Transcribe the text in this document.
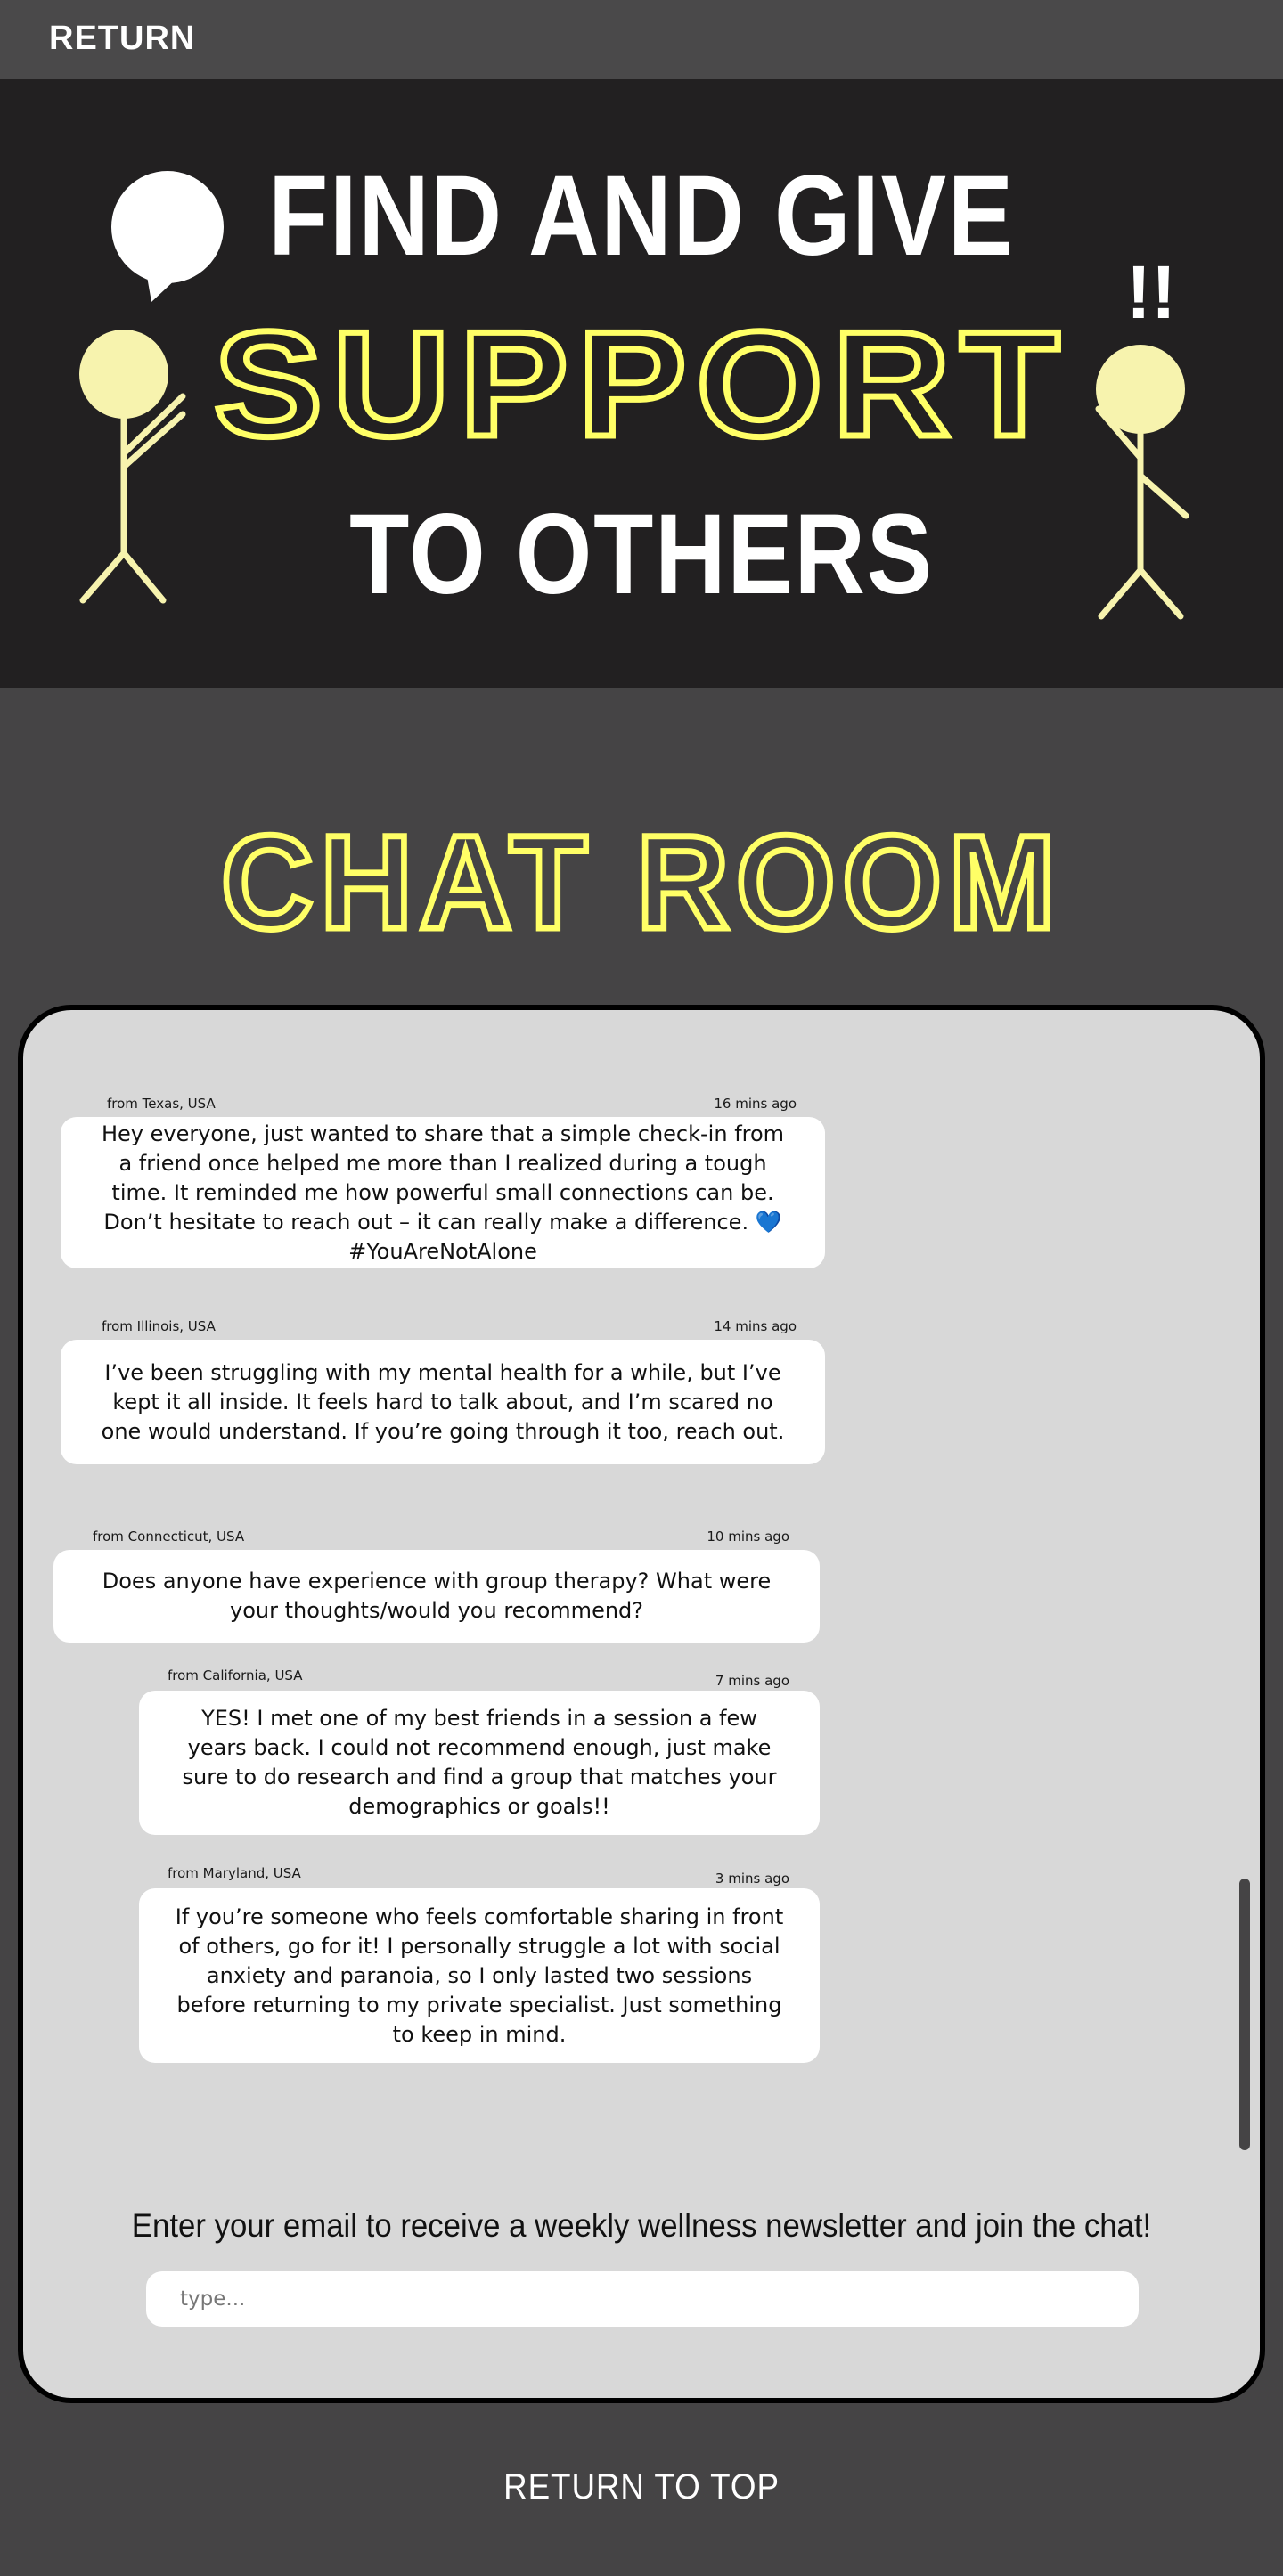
RETURN
!!
FIND AND GIVE
SUPPORT
TO OTHERS
CHAT ROOM
from Texas, USA	16 mins ago
Hey everyone, just wanted to share that a simple check-in from a friend once helped me more than I realized during a tough time. It reminded me how powerful small connections can be. Don’t hesitate to reach out – it can really make a difference. 💙 #YouAreNotAlone
from Illinois, USA	14 mins ago
I’ve been struggling with my mental health for a while, but I’ve kept it all inside. It feels hard to talk about, and I’m scared no one would understand. If you’re going through it too, reach out.
from Connecticut, USA	10 mins ago
Does anyone have experience with group therapy? What were your thoughts/would you recommend?
from California, USA	7 mins ago
YES! I met one of my best friends in a session a few years back. I could not recommend enough, just make sure to do research and find a group that matches your demographics or goals!!
from Maryland, USA	3 mins ago
If you’re someone who feels comfortable sharing in front of others, go for it! I personally struggle a lot with social anxiety and paranoia, so I only lasted two sessions before returning to my private specialist. Just something to keep in mind.
Enter your email to receive a weekly wellness newsletter and join the chat!
type...
RETURN TO TOP
